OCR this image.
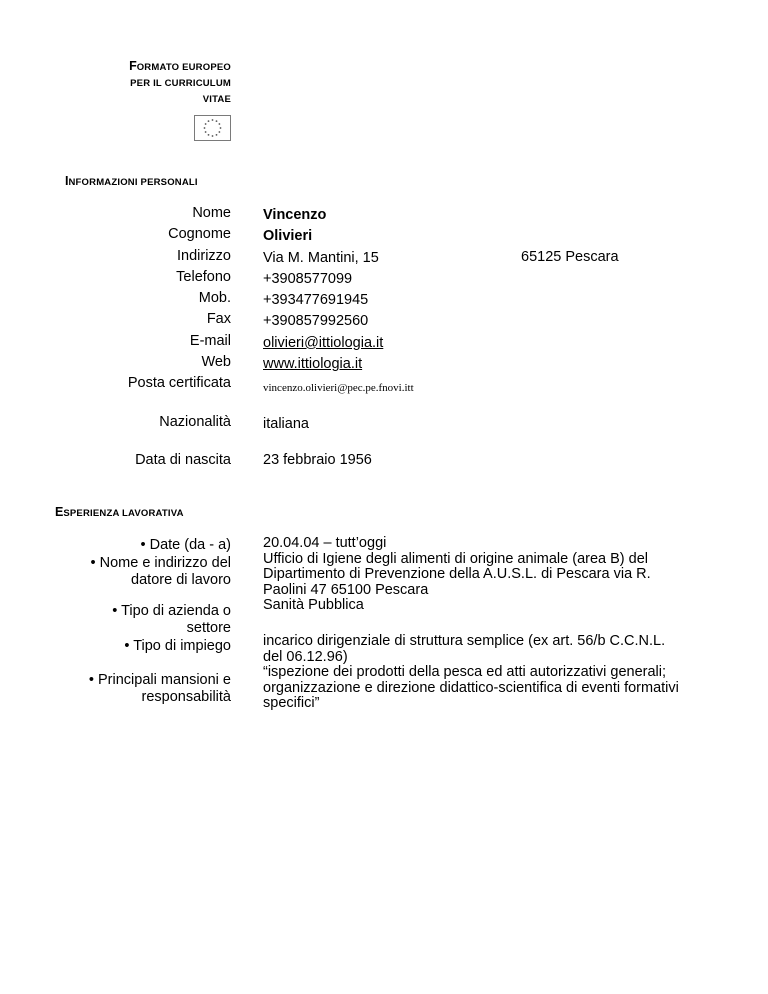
FORMATO EUROPEO
PER IL CURRICULUM
VITAE
INFORMAZIONI PERSONALI
Nome
Cognome
Indirizzo
Telefono
Mob.
Fax
E-mail
Web
Posta certificata
Vincenzo
Olivieri
Via M. Mantini, 15
+3908577099
+393477691945
+390857992560
olivieri@ittiologia.it
www.ittiologia.it
vincenzo.olivieri@pec.pe.fnovi.itt
65125 Pescara
Nazionalità italiana
Data di nascita 23 febbraio 1956
ESPERIENZA LAVORATIVA
• Date (da - a)
• Nome e indirizzo del
datore di lavoro
• Tipo di azienda o
settore
• Tipo di impiego
• Principali mansioni e
responsabilità
20.04.04 – tutt’oggi
Ufficio di Igiene degli alimenti di origine animale (area B) del
Dipartimento di Prevenzione della A.U.S.L. di Pescara via R.
Paolini 47 65100 Pescara
Sanità Pubblica
incarico dirigenziale di struttura semplice (ex art. 56/b C.C.N.L.
del 06.12.96)
“ispezione dei prodotti della pesca ed atti autorizzativi generali;
organizzazione e direzione didattico-scientifica di eventi formativi
specifici”
